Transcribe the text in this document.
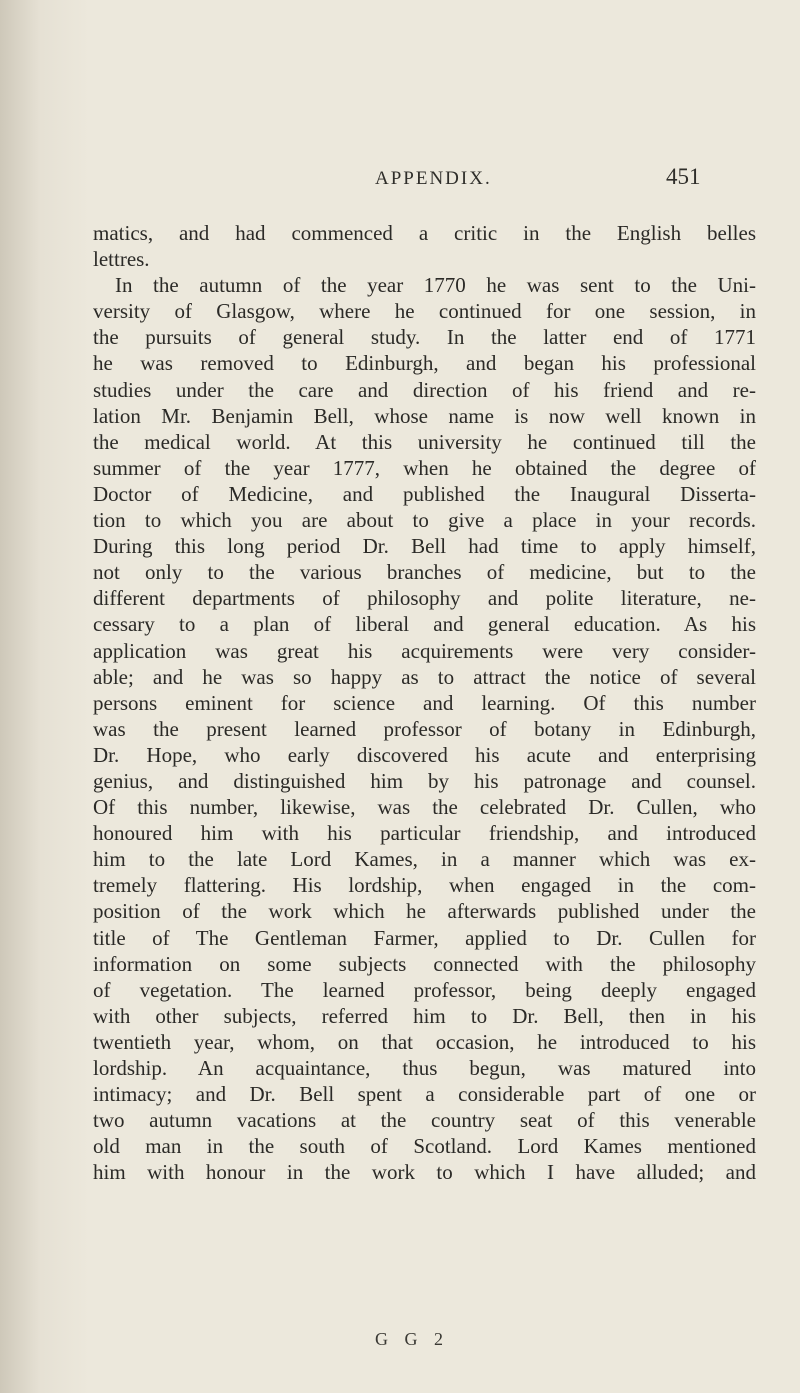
APPENDIX.	451
matics, and had commenced a critic in the English belles
lettres.
In the autumn of the year 1770 he was sent to the Uni-
versity of Glasgow, where he continued for one session, in
the pursuits of general study. In the latter end of 1771
he was removed to Edinburgh, and began his professional
studies under the care and direction of his friend and re-
lation Mr. Benjamin Bell, whose name is now well known in
the medical world. At this university he continued till the
summer of the year 1777, when he obtained the degree of
Doctor of Medicine, and published the Inaugural Disserta-
tion to which you are about to give a place in your records.
During this long period Dr. Bell had time to apply himself,
not only to the various branches of medicine, but to the
different departments of philosophy and polite literature, ne-
cessary to a plan of liberal and general education. As his
application was great his acquirements were very consider-
able; and he was so happy as to attract the notice of several
persons eminent for science and learning. Of this number
was the present learned professor of botany in Edinburgh,
Dr. Hope, who early discovered his acute and enterprising
genius, and distinguished him by his patronage and counsel.
Of this number, likewise, was the celebrated Dr. Cullen, who
honoured him with his particular friendship, and introduced
him to the late Lord Kames, in a manner which was ex-
tremely flattering. His lordship, when engaged in the com-
position of the work which he afterwards published under the
title of The Gentleman Farmer, applied to Dr. Cullen for
information on some subjects connected with the philosophy
of vegetation. The learned professor, being deeply engaged
with other subjects, referred him to Dr. Bell, then in his
twentieth year, whom, on that occasion, he introduced to his
lordship. An acquaintance, thus begun, was matured into
intimacy; and Dr. Bell spent a considerable part of one or
two autumn vacations at the country seat of this venerable
old man in the south of Scotland. Lord Kames mentioned
him with honour in the work to which I have alluded; and
G G 2
